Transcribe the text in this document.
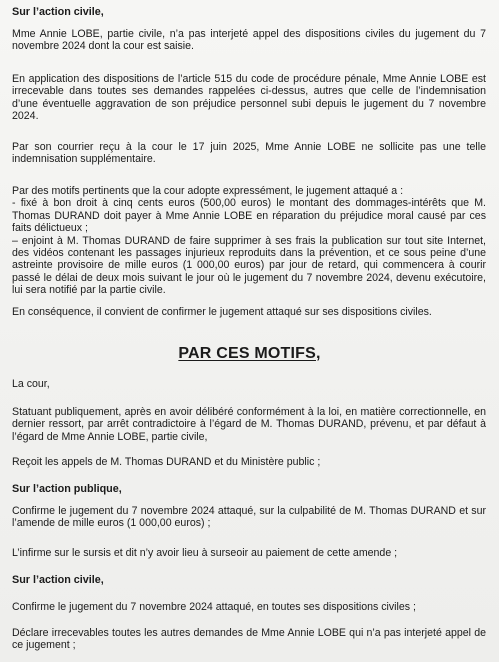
Sur l’action civile,
Mme Annie LOBE, partie civile, n’a pas interjeté appel des dispositions civiles du jugement du 7 novembre 2024 dont la cour est saisie.
En application des dispositions de l’article 515 du code de procédure pénale, Mme Annie LOBE est irrecevable dans toutes ses demandes rappelées ci-dessus, autres que celle de l’indemnisation d’une éventuelle aggravation de son préjudice personnel subi depuis le jugement du 7 novembre 2024.
Par son courrier reçu à la cour le 17 juin 2025, Mme Annie LOBE ne sollicite pas une telle indemnisation supplémentaire.
Par des motifs pertinents que la cour adopte expressément, le jugement attaqué a :
- fixé à bon droit à cinq cents euros (500,00 euros) le montant des dommages-intérêts que M. Thomas DURAND doit payer à Mme Annie LOBE en réparation du préjudice moral causé par ces faits délictueux ;
– enjoint à M. Thomas DURAND de faire supprimer à ses frais la publication sur tout site Internet, des vidéos contenant les passages injurieux reproduits dans la prévention, et ce sous peine d’une astreinte provisoire de mille euros (1 000,00 euros) par jour de retard, qui commencera à courir passé le délai de deux mois suivant le jour où le jugement du 7 novembre 2024, devenu exécutoire, lui sera notifié par la partie civile.
En conséquence, il convient de confirmer le jugement attaqué sur ses dispositions civiles.
PAR CES MOTIFS,
La cour,
Statuant publiquement, après en avoir délibéré conformément à la loi, en matière correctionnelle, en dernier ressort, par arrêt contradictoire à l’égard de M. Thomas DURAND, prévenu, et par défaut à l’égard de Mme Annie LOBE, partie civile,
Reçoit les appels de M. Thomas DURAND et du Ministère public ;
Sur l’action publique,
Confirme le jugement du 7 novembre 2024 attaqué, sur la culpabilité de M. Thomas DURAND et sur l’amende de mille euros (1 000,00 euros) ;
L’infirme sur le sursis et dit n’y avoir lieu à surseoir au paiement de cette amende ;
Sur l’action civile,
Confirme le jugement du 7 novembre 2024 attaqué, en toutes ses dispositions civiles ;
Déclare irrecevables toutes les autres demandes de Mme Annie LOBE qui n’a pas interjeté appel de ce jugement ;
